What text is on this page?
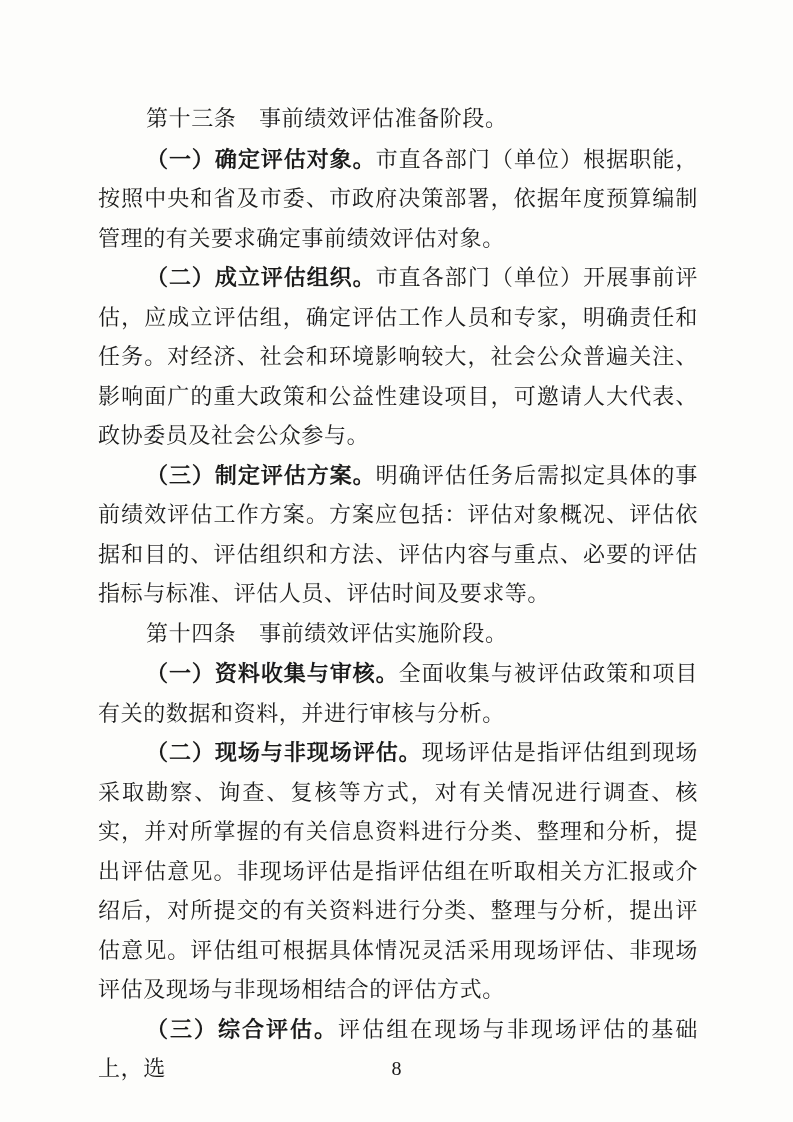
第十三条　事前绩效评估准备阶段。

（一）确定评估对象。市直各部门（单位）根据职能，按照中央和省及市委、市政府决策部署，依据年度预算编制管理的有关要求确定事前绩效评估对象。

（二）成立评估组织。市直各部门（单位）开展事前评估，应成立评估组，确定评估工作人员和专家，明确责任和任务。对经济、社会和环境影响较大，社会公众普遍关注、影响面广的重大政策和公益性建设项目，可邀请人大代表、政协委员及社会公众参与。

（三）制定评估方案。明确评估任务后需拟定具体的事前绩效评估工作方案。方案应包括：评估对象概况、评估依据和目的、评估组织和方法、评估内容与重点、必要的评估指标与标准、评估人员、评估时间及要求等。

第十四条　事前绩效评估实施阶段。

（一）资料收集与审核。全面收集与被评估政策和项目有关的数据和资料，并进行审核与分析。

（二）现场与非现场评估。现场评估是指评估组到现场采取勘察、询查、复核等方式，对有关情况进行调查、核实，并对所掌握的有关信息资料进行分类、整理和分析，提出评估意见。非现场评估是指评估组在听取相关方汇报或介绍后，对所提交的有关资料进行分类、整理与分析，提出评估意见。评估组可根据具体情况灵活采用现场评估、非现场评估及现场与非现场相结合的评估方式。

（三）综合评估。评估组在现场与非现场评估的基础上，选	8
